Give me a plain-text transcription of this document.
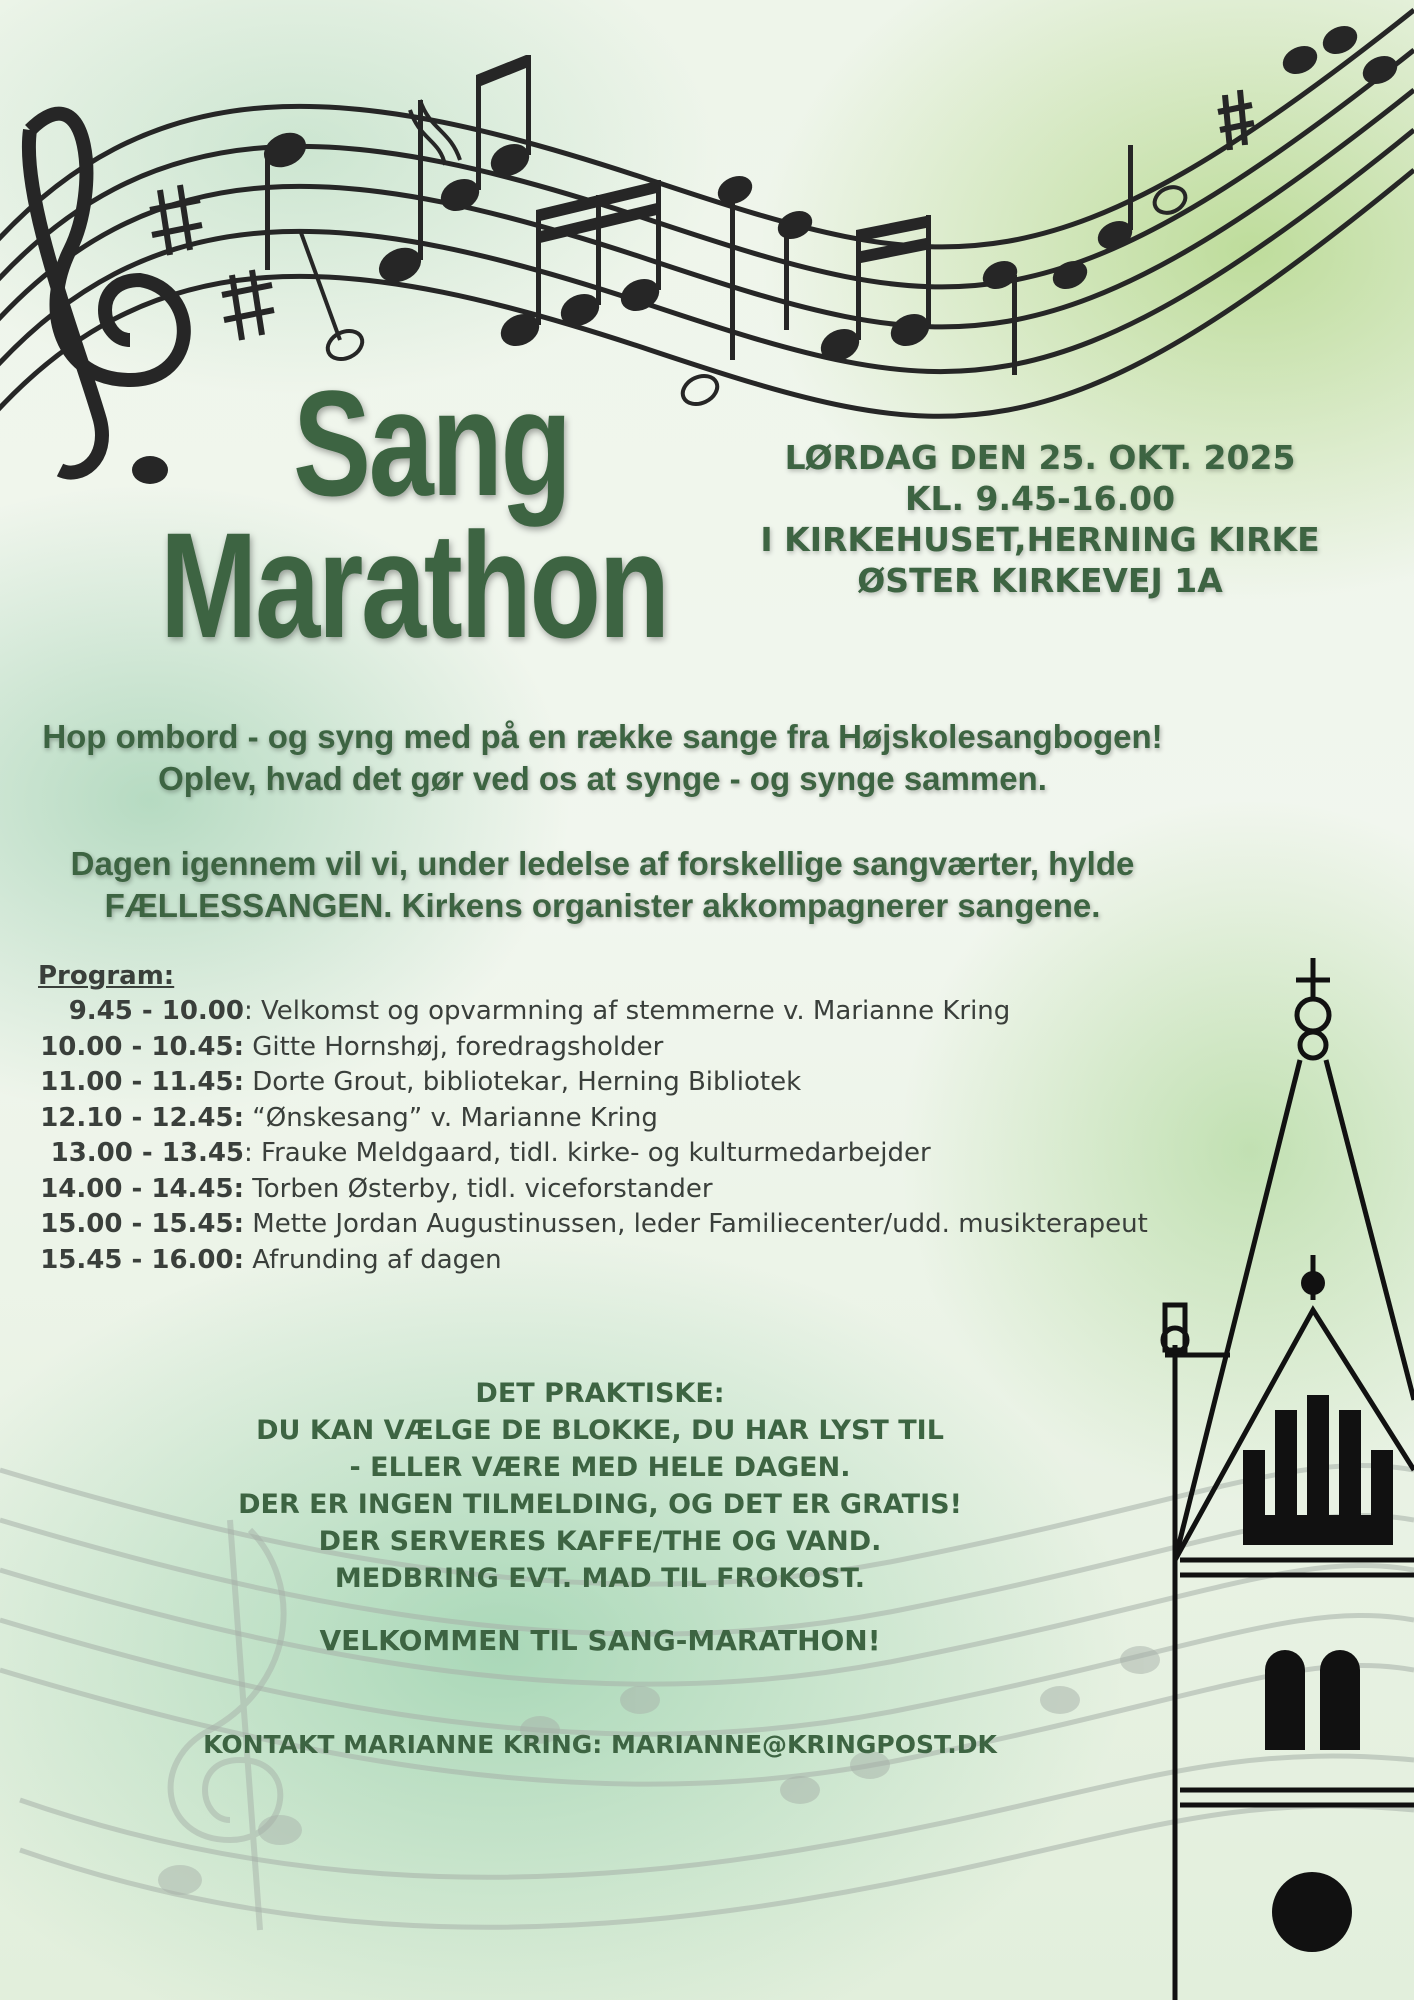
Sang
Marathon
LØRDAG DEN 25. OKT. 2025
KL. 9.45-16.00
I KIRKEHUSET,HERNING KIRKE
ØSTER KIRKEVEJ 1A
Hop ombord - og syng med på en række sange fra Højskolesangbogen!
Oplev, hvad det gør ved os at synge - og synge sammen.
Dagen igennem vil vi, under ledelse af forskellige sangværter, hylde
FÆLLESSANGEN. Kirkens organister akkompagnerer sangene.
Program:
9.45 - 10.00: Velkomst og opvarmning af stemmerne v. Marianne Kring
10.00 - 10.45: Gitte Hornshøj, foredragsholder
11.00 - 11.45: Dorte Grout, bibliotekar, Herning Bibliotek
12.10 - 12.45: “Ønskesang” v. Marianne Kring
13.00 - 13.45: Frauke Meldgaard, tidl. kirke- og kulturmedarbejder
14.00 - 14.45: Torben Østerby, tidl. viceforstander
15.00 - 15.45: Mette Jordan Augustinussen, leder Familiecenter/udd. musikterapeut
15.45 - 16.00: Afrunding af dagen
DET PRAKTISKE:
DU KAN VÆLGE DE BLOKKE, DU HAR LYST TIL
- ELLER VÆRE MED HELE DAGEN.
DER ER INGEN TILMELDING, OG DET ER GRATIS!
DER SERVERES KAFFE/THE OG VAND.
MEDBRING EVT. MAD TIL FROKOST.
VELKOMMEN TIL SANG-MARATHON!
KONTAKT MARIANNE KRING: MARIANNE@KRINGPOST.DK
